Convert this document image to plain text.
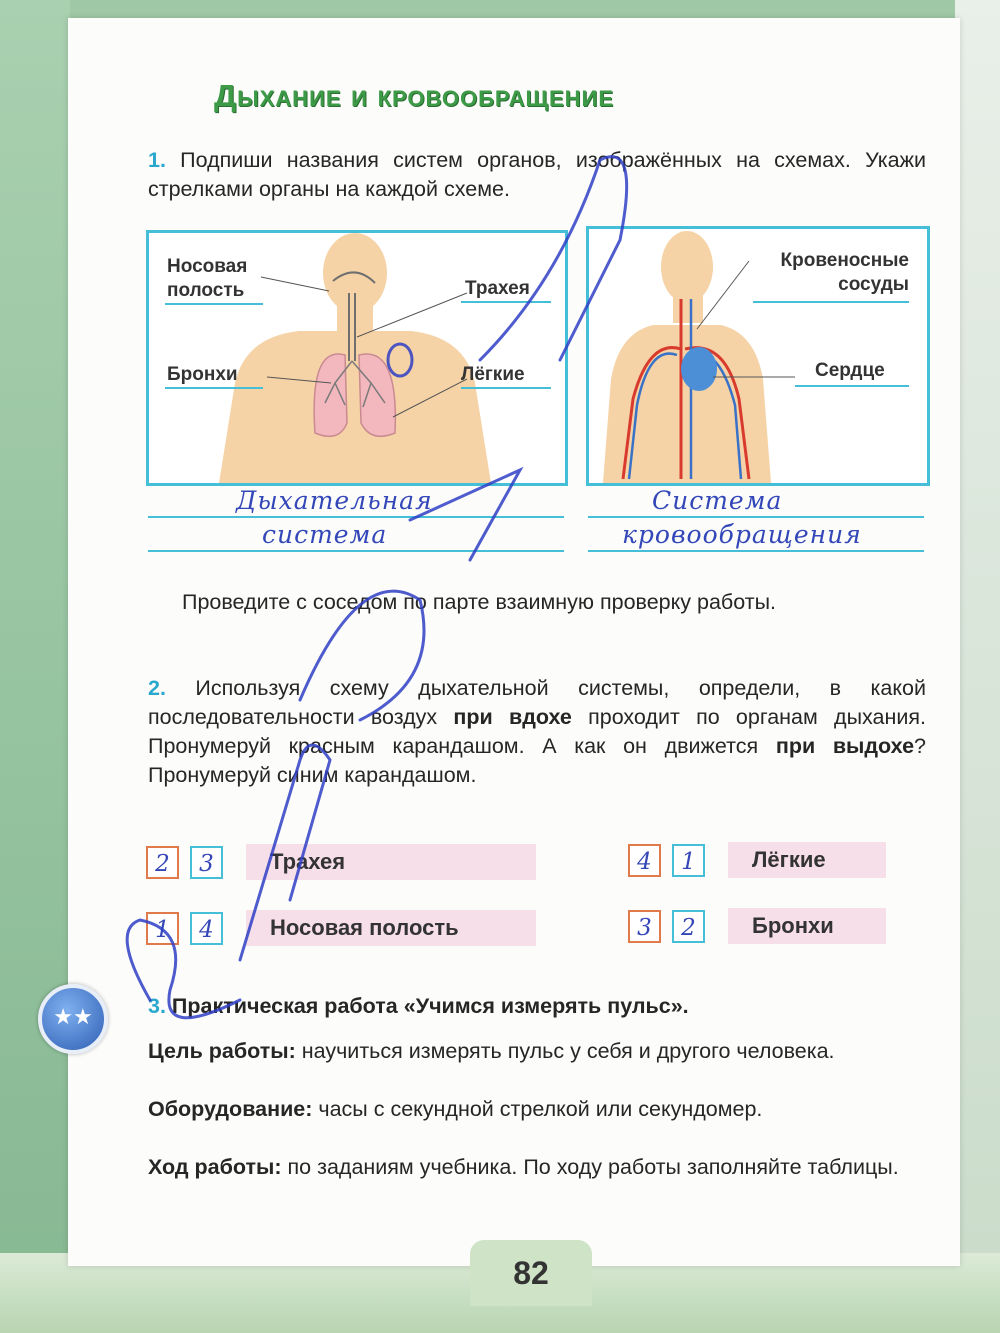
Дыхание и кровообращение

1. Подпиши названия систем органов, изображённых на схемах. Укажи стрелками органы на каждой схеме.

Носовая полость	Трахея
Бронхи	Лёгкие
Кровеносные сосуды
Сердце
Дыхательная
система
Система
кровообращения

Проведите с соседом по парте взаимную проверку работы.

2. Используя схему дыхательной системы, определи, в какой последовательности воздух при вдохе проходит по органам дыхания. Пронумеруй красным карандашом. А как он движется при выдохе? Пронумеруй синим карандашом.

2	3	Трахея
1	4	Носовая полость
4	1	Лёгкие
3	2	Бронхи
★★	3. Практическая работа «Учимся измерять пульс».

Цель работы: научиться измерять пульс у себя и другого человека.

Оборудование: часы с секундной стрелкой или секундомер.

Ход работы: по заданиям учебника. По ходу работы заполняйте таблицы.

82
